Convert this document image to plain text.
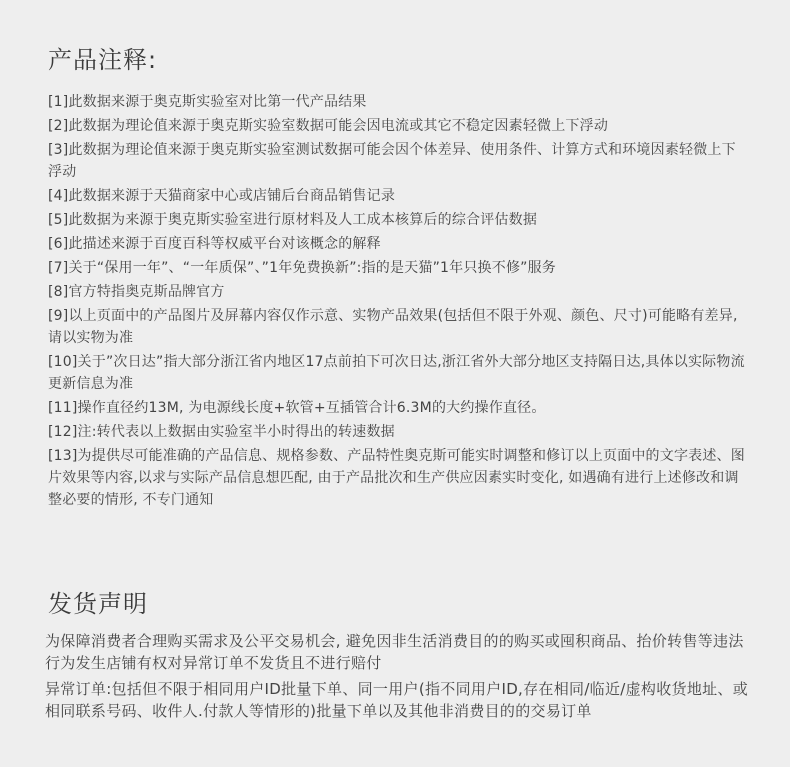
产品注释:
[1]此数据来源于奥克斯实验室对比第一代产品结果
[2]此数据为理论值来源于奥克斯实验室数据可能会因电流或其它不稳定因素轻微上下浮动
[3]此数据为理论值来源于奥克斯实验室测试数据可能会因个体差异、使用条件、计算方式和环境因素轻微上下浮动
[4]此数据来源于天猫商家中心或店铺后台商品销售记录
[5]此数据为来源于奥克斯实验室进行原材料及人工成本核算后的综合评估数据
[6]此描述来源于百度百科等权威平台对该概念的解释
[7]关于“保用一年”、“一年质保”、”1年免费换新”:指的是天猫”1年只换不修”服务
[8]官方特指奥克斯品牌官方
[9]以上页面中的产品图片及屏幕内容仅作示意、实物产品效果(包括但不限于外观、颜色、尺寸)可能略有差异, 请以实物为准
[10]关于”次日达”指大部分浙江省内地区17点前拍下可次日达,浙江省外大部分地区支持隔日达,具体以实际物流更新信息为准
[11]操作直径约13M, 为电源线长度+软管+互插管合计6.3M的大约操作直径。
[12]注:转代表以上数据由实验室半小时得出的转速数据
[13]为提供尽可能准确的产品信息、规格参数、产品特性奥克斯可能实时调整和修订以上页面中的文字表述、图片效果等内容,以求与实际产品信息想匹配, 由于产品批次和生产供应因素实时变化, 如遇确有进行上述修改和调整必要的情形, 不专门通知
发货声明

为保障消费者合理购买需求及公平交易机会, 避免因非生活消费目的的购买或囤积商品、抬价转售等违法行为发生店铺有权对异常订单不发货且不进行赔付

异常订单:包括但不限于相同用户ID批量下单、同一用户(指不同用户ID,存在相同/临近/虚构收货地址、或相同联系号码、收件人.付款人等情形的)批量下单以及其他非消费目的的交易订单
